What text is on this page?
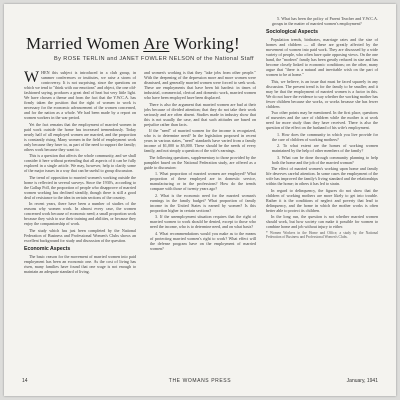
Married Women Are Working!
By ROSE TERLIN and JANET FOWLER NELSON of the National Staff

WHEN this subject is introduced in a club group, in summer conferences or institutes, we raise a storm of controversy. It is not surprising, since the questions on which we tend to "think with our emotions" and object, the one old-fashioned saying, produces a great deal of heat but very little light. We have chosen a theme and from the fact that the Y.W.C.A. has firmly taken the position that the right of women to work is necessary for the economic advancement of the women concerned, and for the nation as a whole. We had been made by a report on women workers in the war period.

Yet the fact remains that the employment of married women in paid work outside the home has increased tremendously. Today nearly half of all employed women are married, and the proportion is constantly rising. Many women in the field of employment work only because they have to, as part of the need to support the family; others work because they want to.

This is a question that affects the whole community, and we shall consider it here without pretending that all aspects of it can be fully explored in a single article. We may, however, help to clarify some of the major issues in a way that can be useful to group discussion.

The trend of opposition to married women's working outside the home is reflected in several surveys. Since the 1930's, according to the Gallup Poll, the proportion of people who disapprove of married women working has declined steadily, though there is still a good deal of resistance to the idea in certain sections of the country.

In recent years, there have been a number of studies of the reasons why women work. In almost every case, the women concerned work because of economic need; a small proportion work because they wish to use their training and abilities, or because they enjoy the companionship of work.

The study which has just been completed by the National Federation of Business and Professional Women's Clubs shows an excellent background for study and discussion of the question.

Economic Aspects

The basic reason for the movement of married women into paid employment has been an economic one. As the cost of living has risen, many families have found that one wage is not enough to maintain an adequate standard of living.

and women's working is that they "take jobs from other people." With the deepening of the depression more and more women were dismissed, and generally married women were forced to seek work. These are employments that have been hit hardest: in times of industrial, commercial, clerical and domestic work, married women who have been employed have been displaced.

There is also the argument that married women are bad at their jobs because of divided attention; that they do not take their work seriously and are often absent. Studies made in industry show that this is not usually the case, and that such attitudes are based on prejudice rather than facts.

If the "need" of married women for the income is recognized, who is to determine need? In the legislation proposed in recent years in various states, "need" standards have varied from a family income of $1,000 to $5,000. These should be the needs of every family, and not simply a question of the wife's earnings.

The following questions, supplementary to those provided by the pamphlet based on the National Federation study, are offered as a guide to discussion:

1. What proportion of married women are employed? What proportion of these employed are in domestic service, manufacturing or in the professions? How do the trends compare with those of twenty years ago?

2. What is the economic need for the married woman's earnings in the family budget? What proportion of family income in the United States is earned by women? Is this proportion higher in certain sections?

3. If the unemployment situation requires that the right of married women to work should be denied, except to those who need the income, who is to determine need, and on what basis?

4. What recommendations would you make as to the means of protecting married women's right to work? What effect will the defense program have on the employment of married women?

5. What has been the policy of Parent Teacher and Y.W.C.A. groups in the matter of married women's employment?

Sociological Aspects

Population trends, birthrates, marriage rates and the size of homes and children — all these are greatly affected by the movement of women into paid work. They are discussed by a wide variety of people, who often have quite opposing views. On the one hand, the "modern" family has been greatly reduced in size and has become closely linked to economic conditions; on the other, many argue that "there is a natural and inevitable wish on the part of women to be at home."

This, we believe, is an issue that must be faced squarely in any discussion. The present trend is for the family to be smaller; and it may be that the employment of married women is a factor in this. We do not have the evidence to say whether the working mother has fewer children because she works, or works because she has fewer children.

Two other points may be mentioned. In the first place, questions of nurseries and the care of children while the mother is at work need far more study than they have received. There is also the question of the effect on the husband of his wife's employment.

1. How does the community in which you live provide for the care of children of working mothers?

2. To what extent are the homes of working women maintained by the help of other members of the family?

3. What can be done through community planning to help both the home and the job of the married woman?

The effect of married women's working upon home and family life deserves careful attention. In some cases the employment of the wife has improved the family's living standard and the relationships within the home; in others it has led to strain.

In regard to delinquency, the figures do not show that the children of working mothers are more likely to get into trouble. Rather it is the conditions of neglect and poverty that lead to delinquency, and the home in which the mother works is often better able to protect its children.

In the long run, the question is not whether married women should work, but how society can make it possible for women to combine home and job without injury to either.

* Women Workers in the Home and Office, a study by the National Federation of Business and Professional Women's Clubs.

14	THE WOMANS PRESS	January, 1941
